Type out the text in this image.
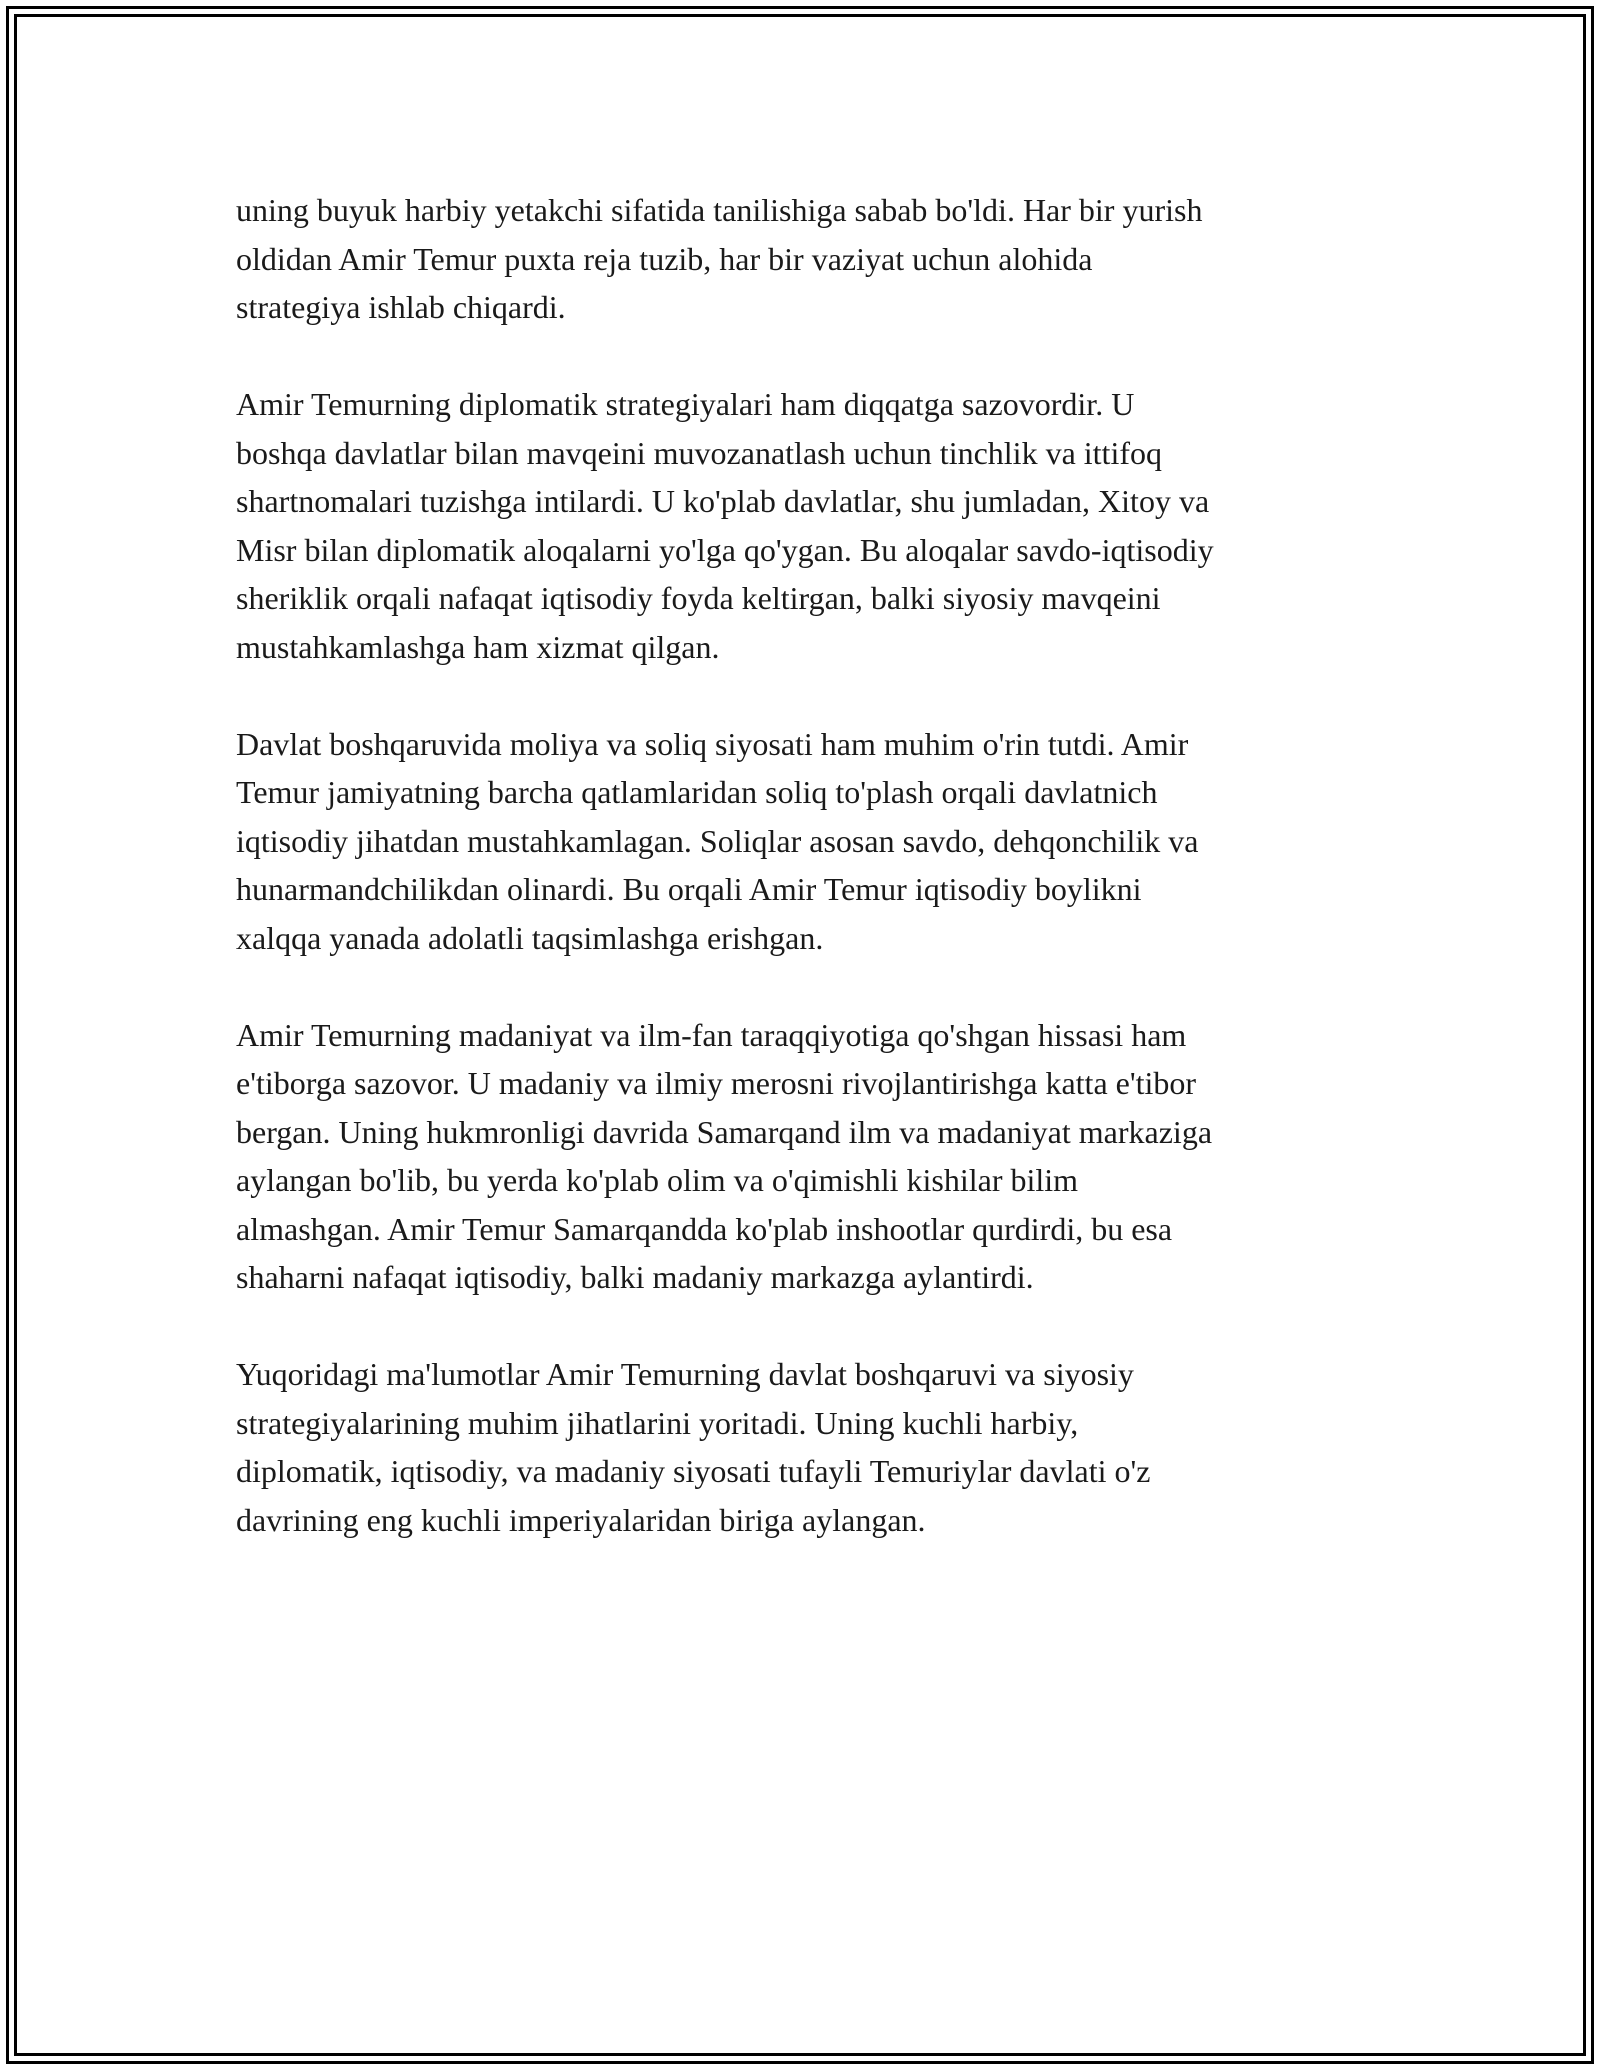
uning buyuk harbiy yetakchi sifatida tanilishiga sabab bo'ldi. Har bir yurish
oldidan Amir Temur puxta reja tuzib, har bir vaziyat uchun alohida
strategiya ishlab chiqardi.

Amir Temurning diplomatik strategiyalari ham diqqatga sazovordir. U
boshqa davlatlar bilan mavqeini muvozanatlash uchun tinchlik va ittifoq
shartnomalari tuzishga intilardi. U ko'plab davlatlar, shu jumladan, Xitoy va
Misr bilan diplomatik aloqalarni yo'lga qo'ygan. Bu aloqalar savdo-iqtisodiy
sheriklik orqali nafaqat iqtisodiy foyda keltirgan, balki siyosiy mavqeini
mustahkamlashga ham xizmat qilgan.

Davlat boshqaruvida moliya va soliq siyosati ham muhim o'rin tutdi. Amir
Temur jamiyatning barcha qatlamlaridan soliq to'plash orqali davlatnich
iqtisodiy jihatdan mustahkamlagan. Soliqlar asosan savdo, dehqonchilik va
hunarmandchilikdan olinardi. Bu orqali Amir Temur iqtisodiy boylikni
xalqqa yanada adolatli taqsimlashga erishgan.

Amir Temurning madaniyat va ilm-fan taraqqiyotiga qo'shgan hissasi ham
e'tiborga sazovor. U madaniy va ilmiy merosni rivojlantirishga katta e'tibor
bergan. Uning hukmronligi davrida Samarqand ilm va madaniyat markaziga
aylangan bo'lib, bu yerda ko'plab olim va o'qimishli kishilar bilim
almashgan. Amir Temur Samarqandda ko'plab inshootlar qurdirdi, bu esa
shaharni nafaqat iqtisodiy, balki madaniy markazga aylantirdi.

Yuqoridagi ma'lumotlar Amir Temurning davlat boshqaruvi va siyosiy
strategiyalarining muhim jihatlarini yoritadi. Uning kuchli harbiy,
diplomatik, iqtisodiy, va madaniy siyosati tufayli Temuriylar davlati o'z
davrining eng kuchli imperiyalaridan biriga aylangan.
